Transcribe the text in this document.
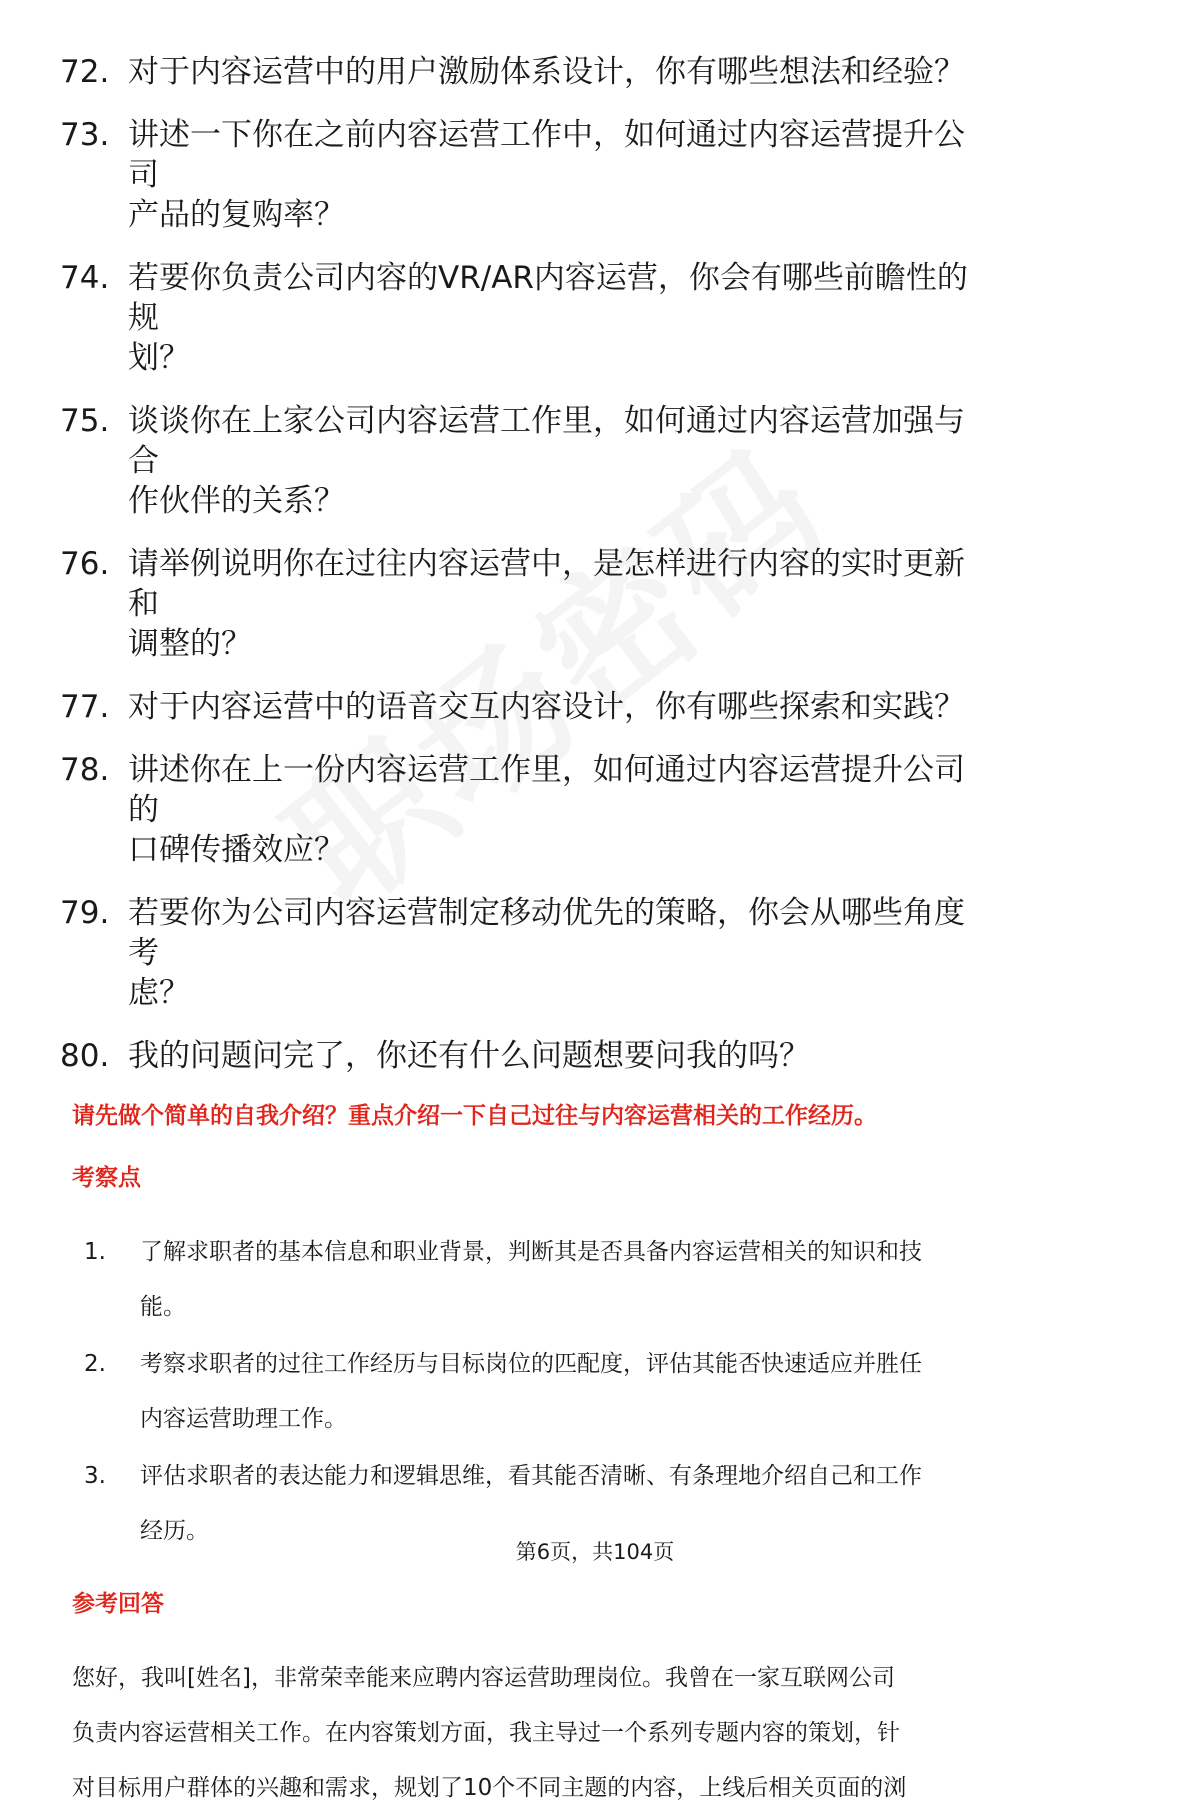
72. 对于内容运营中的用户激励体系设计，你有哪些想法和经验？
73. 讲述一下你在之前内容运营工作中，如何通过内容运营提升公司
产品的复购率？
74. 若要你负责公司内容的VR/AR内容运营，你会有哪些前瞻性的规
划？
75. 谈谈你在上家公司内容运营工作里，如何通过内容运营加强与合
作伙伴的关系？
76. 请举例说明你在过往内容运营中，是怎样进行内容的实时更新和
调整的？
77. 对于内容运营中的语音交互内容设计，你有哪些探索和实践？
78. 讲述你在上一份内容运营工作里，如何通过内容运营提升公司的
口碑传播效应？
79. 若要你为公司内容运营制定移动优先的策略，你会从哪些角度考
虑？
80. 我的问题问完了，你还有什么问题想要问我的吗？
请先做个简单的自我介绍？重点介绍一下自己过往与内容运营相关的工作经历。
考察点
1.	了解求职者的基本信息和职业背景，判断其是否具备内容运营相关的知识和技
能。
2.	考察求职者的过往工作经历与目标岗位的匹配度，评估其能否快速适应并胜任
内容运营助理工作。
3.	评估求职者的表达能力和逻辑思维，看其能否清晰、有条理地介绍自己和工作
经历。
参考回答
您好，我叫[姓名]，非常荣幸能来应聘内容运营助理岗位。我曾在一家互联网公司
负责内容运营相关工作。在内容策划方面，我主导过一个系列专题内容的策划，针
对目标用户群体的兴趣和需求，规划了10个不同主题的内容，上线后相关页面的浏
第6页，共104页
